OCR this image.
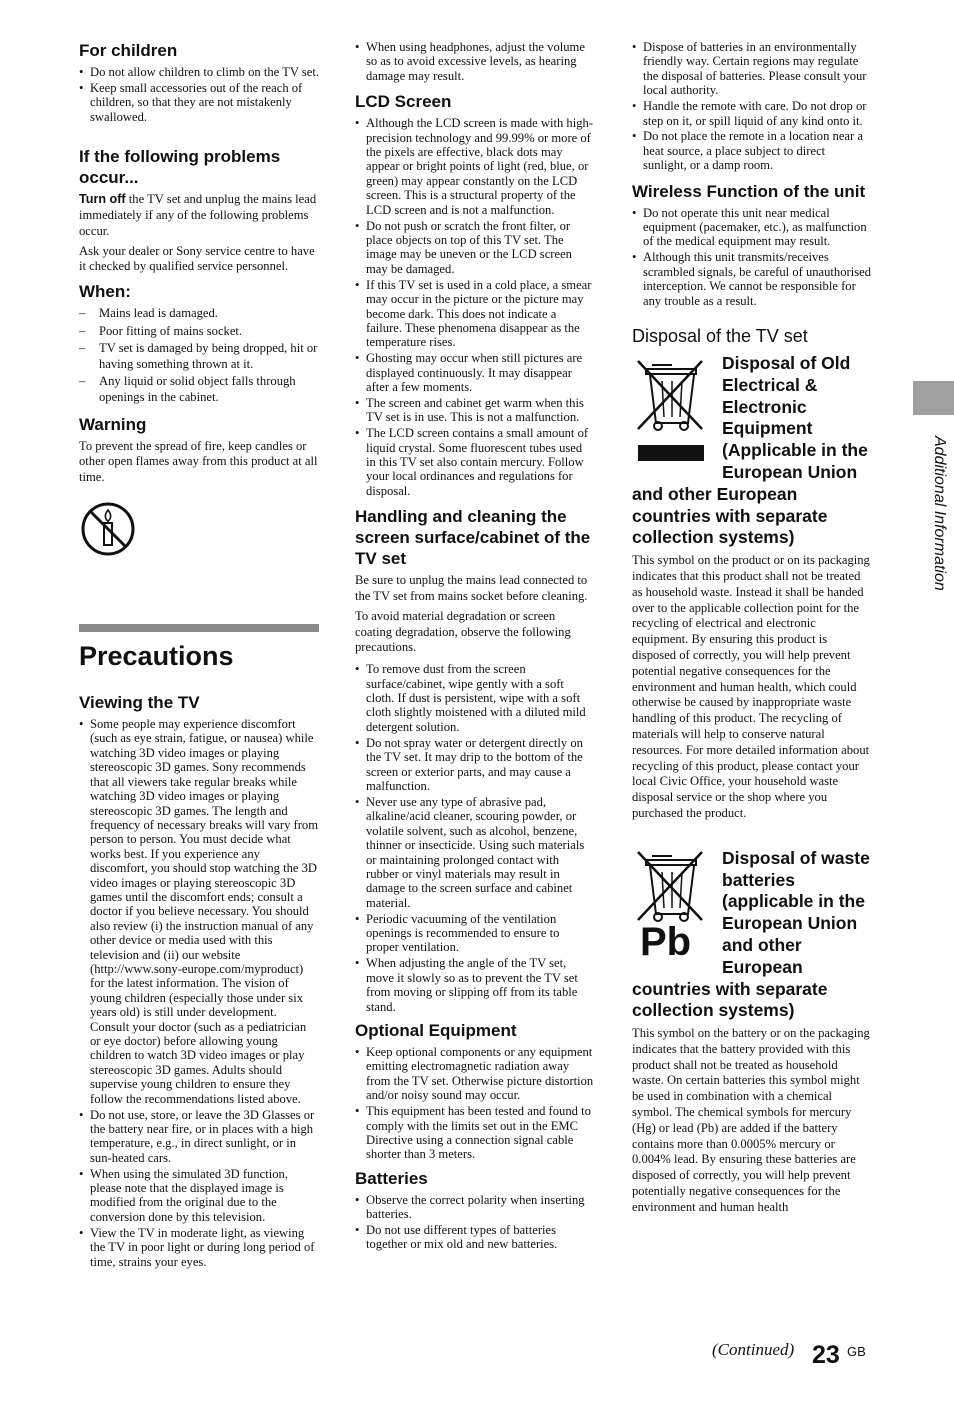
Additional Information
For children
• Do not allow children to climb on the TV set.
• Keep small accessories out of the reach of children, so that they are not mistakenly swallowed.
If the following problems occur...

Turn off the TV set and unplug the mains lead immediately if any of the following problems occur.

Ask your dealer or Sony service centre to have it checked by qualified service personnel.

When:
– Mains lead is damaged.
– Poor fitting of mains socket.
– TV set is damaged by being dropped, hit or having something thrown at it.
– Any liquid or solid object falls through openings in the cabinet.
Warning

To prevent the spread of fire, keep candles or other open flames away from this product at all time.

Precautions
Viewing the TV
• Some people may experience discomfort (such as eye strain, fatigue, or nausea) while watching 3D video images or playing stereoscopic 3D games. Sony recommends that all viewers take regular breaks while watching 3D video images or playing stereoscopic 3D games. The length and frequency of necessary breaks will vary from person to person. You must decide what works best. If you experience any discomfort, you should stop watching the 3D video images or playing stereoscopic 3D games until the discomfort ends; consult a doctor if you believe necessary. You should also review (i) the instruction manual of any other device or media used with this television and (ii) our website (http://www.sony-europe.com/myproduct) for the latest information. The vision of young children (especially those under six years old) is still under development. Consult your doctor (such as a pediatrician or eye doctor) before allowing young children to watch 3D video images or play stereoscopic 3D games. Adults should supervise young children to ensure they follow the recommendations listed above.
• Do not use, store, or leave the 3D Glasses or the battery near fire, or in places with a high temperature, e.g., in direct sunlight, or in sun-heated cars.
• When using the simulated 3D function, please note that the displayed image is modified from the original due to the conversion done by this television.
• View the TV in moderate light, as viewing the TV in poor light or during long period of time, strains your eyes.
• When using headphones, adjust the volume so as to avoid excessive levels, as hearing damage may result.
LCD Screen
• Although the LCD screen is made with high-precision technology and 99.99% or more of the pixels are effective, black dots may appear or bright points of light (red, blue, or green) may appear constantly on the LCD screen. This is a structural property of the LCD screen and is not a malfunction.
• Do not push or scratch the front filter, or place objects on top of this TV set. The image may be uneven or the LCD screen may be damaged.
• If this TV set is used in a cold place, a smear may occur in the picture or the picture may become dark. This does not indicate a failure. These phenomena disappear as the temperature rises.
• Ghosting may occur when still pictures are displayed continuously. It may disappear after a few moments.
• The screen and cabinet get warm when this TV set is in use. This is not a malfunction.
• The LCD screen contains a small amount of liquid crystal. Some fluorescent tubes used in this TV set also contain mercury. Follow your local ordinances and regulations for disposal.
Handling and cleaning the screen surface/cabinet of the TV set

Be sure to unplug the mains lead connected to the TV set from mains socket before cleaning.

To avoid material degradation or screen coating degradation, observe the following precautions.

• To remove dust from the screen surface/cabinet, wipe gently with a soft cloth. If dust is persistent, wipe with a soft cloth slightly moistened with a diluted mild detergent solution.
• Do not spray water or detergent directly on the TV set. It may drip to the bottom of the screen or exterior parts, and may cause a malfunction.
• Never use any type of abrasive pad, alkaline/acid cleaner, scouring powder, or volatile solvent, such as alcohol, benzene, thinner or insecticide. Using such materials or maintaining prolonged contact with rubber or vinyl materials may result in damage to the screen surface and cabinet material.
• Periodic vacuuming of the ventilation openings is recommended to ensure to proper ventilation.
• When adjusting the angle of the TV set, move it slowly so as to prevent the TV set from moving or slipping off from its table stand.
Optional Equipment
• Keep optional components or any equipment emitting electromagnetic radiation away from the TV set. Otherwise picture distortion and/or noisy sound may occur.
• This equipment has been tested and found to comply with the limits set out in the EMC Directive using a connection signal cable shorter than 3 meters.
Batteries
• Observe the correct polarity when inserting batteries.
• Do not use different types of batteries together or mix old and new batteries.
• Dispose of batteries in an environmentally friendly way. Certain regions may regulate the disposal of batteries. Please consult your local authority.
• Handle the remote with care. Do not drop or step on it, or spill liquid of any kind onto it.
• Do not place the remote in a location near a heat source, a place subject to direct sunlight, or a damp room.
Wireless Function of the unit
• Do not operate this unit near medical equipment (pacemaker, etc.), as malfunction of the medical equipment may result.
• Although this unit transmits/receives scrambled signals, be careful of unauthorised interception. We cannot be responsible for any trouble as a result.
Disposal of the TV set
Disposal of Old Electrical & Electronic Equipment (Applicable in the European Union and other European countries with separate collection systems)

This symbol on the product or on its packaging indicates that this product shall not be treated as household waste. Instead it shall be handed over to the applicable collection point for the recycling of electrical and electronic equipment. By ensuring this product is disposed of correctly, you will help prevent potential negative consequences for the environment and human health, which could otherwise be caused by inappropriate waste handling of this product. The recycling of materials will help to conserve natural resources. For more detailed information about recycling of this product, please contact your local Civic Office, your household waste disposal service or the shop where you purchased the product.

Pb
Disposal of waste batteries (applicable in the European Union and other European countries with separate collection systems)

This symbol on the battery or on the packaging indicates that the battery provided with this product shall not be treated as household waste. On certain batteries this symbol might be used in combination with a chemical symbol. The chemical symbols for mercury (Hg) or lead (Pb) are added if the battery contains more than 0.0005% mercury or 0.004% lead. By ensuring these batteries are disposed of correctly, you will help prevent potentially negative consequences for the environment and human health

(Continued) 23 GB
